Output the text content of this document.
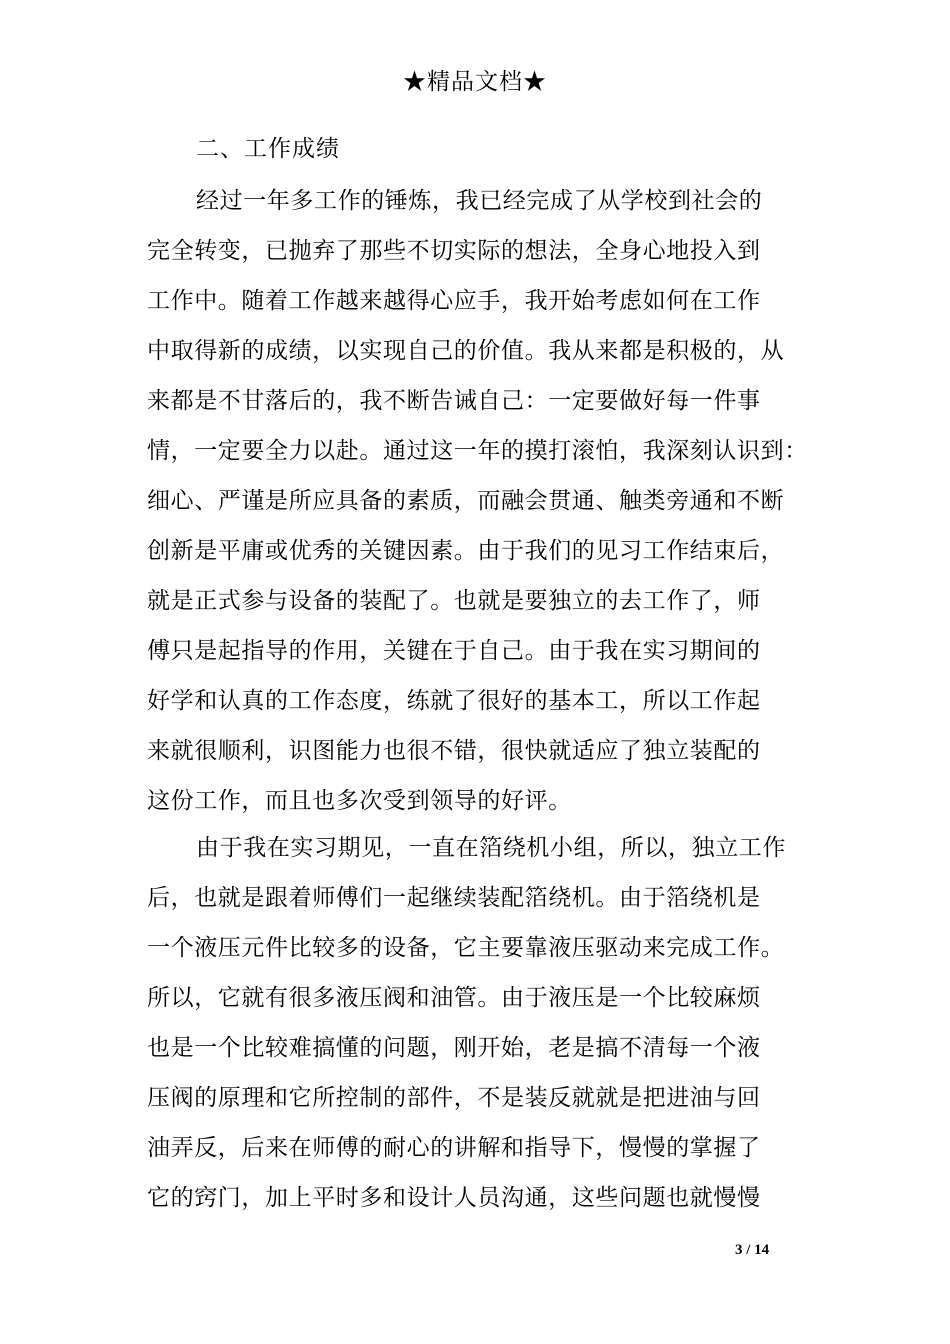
★精品文档★
二、工作成绩
经过一年多工作的锤炼，我已经完成了从学校到社会的
完全转变，已抛弃了那些不切实际的想法，全身心地投入到
工作中。随着工作越来越得心应手，我开始考虑如何在工作
中取得新的成绩，以实现自己的价值。我从来都是积极的，从
来都是不甘落后的，我不断告诫自己：一定要做好每一件事
情，一定要全力以赴。通过这一年的摸打滚怕，我深刻认识到：
细心、严谨是所应具备的素质，而融会贯通、触类旁通和不断
创新是平庸或优秀的关键因素。由于我们的见习工作结束后，
就是正式参与设备的装配了。也就是要独立的去工作了，师
傅只是起指导的作用，关键在于自己。由于我在实习期间的
好学和认真的工作态度，练就了很好的基本工，所以工作起
来就很顺利，识图能力也很不错，很快就适应了独立装配的
这份工作，而且也多次受到领导的好评。
由于我在实习期见，一直在箔绕机小组，所以，独立工作
后，也就是跟着师傅们一起继续装配箔绕机。由于箔绕机是
一个液压元件比较多的设备，它主要靠液压驱动来完成工作。
所以，它就有很多液压阀和油管。由于液压是一个比较麻烦
也是一个比较难搞懂的问题，刚开始，老是搞不清每一个液
压阀的原理和它所控制的部件，不是装反就就是把进油与回
油弄反，后来在师傅的耐心的讲解和指导下，慢慢的掌握了
它的窍门，加上平时多和设计人员沟通，这些问题也就慢慢
3 / 14
